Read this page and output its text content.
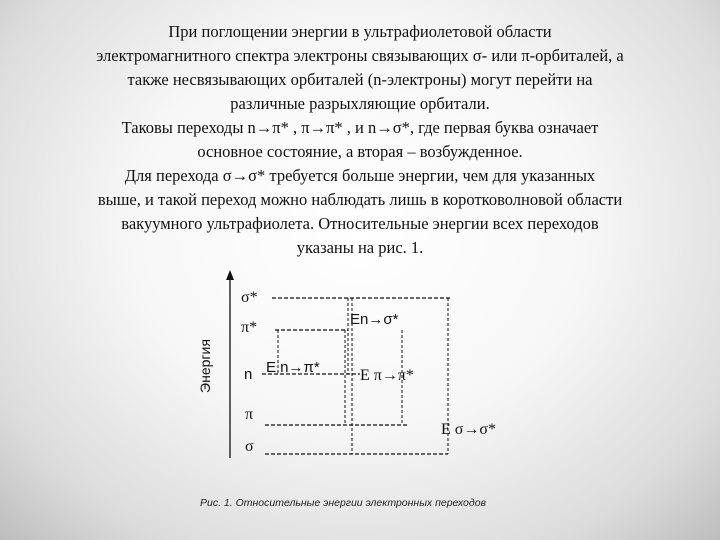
При поглощении энергии в ультрафиолетовой области
электромагнитного спектра электроны связывающих σ- или π-орбиталей, а
также несвязывающих орбиталей (n-электроны) могут перейти на
различные разрыхляющие орбитали.
Таковы переходы n→π* , π→π* , и n→σ*, где первая буква означает
основное состояние, а вторая – возбужденное.
Для перехода σ→σ* требуется больше энергии, чем для указанных
выше, и такой переход можно наблюдать лишь в коротковолновой области
вакуумного ультрафиолета. Относительные энергии всех переходов
указаны на рис. 1.
Энергия
σ*
π*
n
π
σ
En→σ*
E n→π*	E π→π*
E σ→σ*
Рис. 1. Относительные энергии электронных переходов
